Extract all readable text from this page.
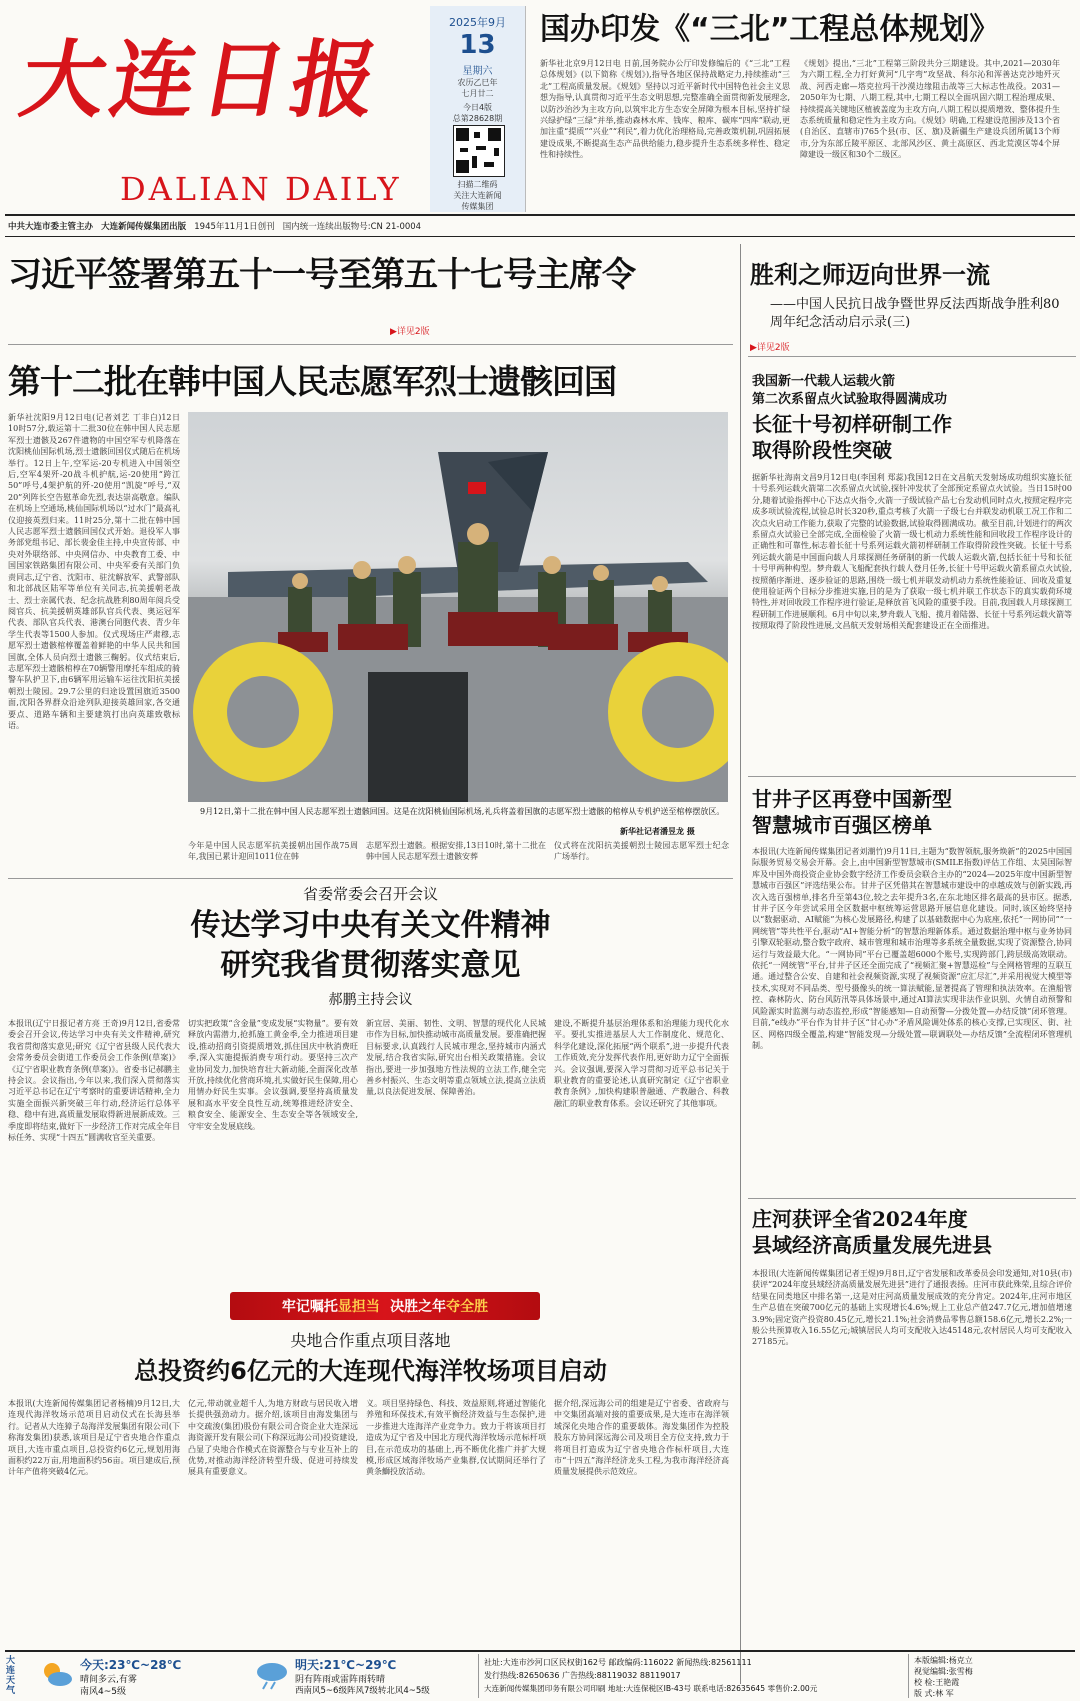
大连日报
DALIAN DAILY
2025年9月
13
星期六
农历乙巳年
七月廿二
今日4版
总第28628期
扫描二维码
关注大连新闻
传媒集团
国办印发《“三北”工程总体规划》
新华社北京9月12日电 日前,国务院办公厅印发修编后的《“三北”工程总体规划》(以下简称《规划》),指导各地区保持战略定力,持续推动“三北”工程高质量发展。《规划》坚持以习近平新时代中国特色社会主义思想为指导,认真贯彻习近平生态文明思想,完整准确全面贯彻新发展理念,以防沙治沙为主攻方向,以筑牢北方生态安全屏障为根本目标,坚持扩绿兴绿护绿“三绿”并举,推动森林水库、钱库、粮库、碳库“四库”联动,更加注重“提质”“兴业”“利民”,着力优化治理格局,完善政策机制,巩固拓展建设成果,不断提高生态产品供给能力,稳步提升生态系统多样性、稳定性和持续性。
《规划》提出,“三北”工程第三阶段共分三期建设。其中,2021—2030年为六期工程,全力打好黄河“几字弯”攻坚战、科尔沁和浑善达克沙地歼灭战、河西走廊—塔克拉玛干沙漠边缘阻击战等三大标志性战役。2031—2050年为七期、八期工程,其中,七期工程以全面巩固六期工程治理成果、持续提高关键地区植被盖度为主攻方向,八期工程以提质增效、整体提升生态系统质量和稳定性为主攻方向。《规划》明确,工程建设范围涉及13个省(自治区、直辖市)765个县(市、区、旗)及新疆生产建设兵团所属13个师市,分为东部丘陵平原区、北部风沙区、黄土高原区、西北荒漠区等4个屏障建设一级区和30个二级区。
中共大连市委主管主办 大连新闻传媒集团出版 1945年11月1日创刊 国内统一连续出版物号:CN 21-0004
习近平签署第五十一号至第五十七号主席令
▶详见2版
胜利之师迈向世界一流
——中国人民抗日战争暨世界反法西斯战争胜利80周年纪念活动启示录(三)
▶详见2版
第十二批在韩中国人民志愿军烈士遗骸回国
新华社沈阳9月12日电(记者刘艺 丁非白)12日10时57分,载运第十二批30位在韩中国人民志愿军烈士遗骸及267件遗物的中国空军专机降落在沈阳桃仙国际机场,烈士遗骸回国仪式随后在机场举行。12日上午,空军运-20专机进入中国领空后,空军4架歼-20战斗机护航,运-20使用“跨江50”呼号,4架护航的歼-20使用“凯旋”呼号,“双20”列阵长空告慰革命先烈,表达崇高敬意。编队在机场上空通场,桃仙国际机场以“过水门”最高礼仪迎接英烈归来。11时25分,第十二批在韩中国人民志愿军烈士遗骸回国仪式开始。退役军人事务部党组书记、部长裴金佳主持,中央宣传部、中央对外联络部、中央网信办、中央教育工委、中国国家铁路集团有限公司、中央军委有关部门负责同志,辽宁省、沈阳市、驻沈解放军、武警部队和北部战区陆军等单位有关同志,抗美援朝老战士、烈士亲属代表、纪念抗战胜利80周年阅兵受阅官兵、抗美援朝英雄部队官兵代表、奥运冠军代表、部队官兵代表、港澳台同胞代表、青少年学生代表等1500人参加。仪式现场庄严肃穆,志愿军烈士遗骸棺椁覆盖着鲜艳的中华人民共和国国旗,全体人员向烈士遗骸三鞠躬。仪式结束后,志愿军烈士遗骸棺椁在70辆警用摩托车组成的骑警车队护卫下,由6辆军用运输车运往沈阳抗美援朝烈士陵园。29.7公里的归途设置国旗近3500面,沈阳各界群众沿途列队迎接英雄回家,各交通要点、道路车辆和主要建筑打出向英雄致敬标语。
9月12日,第十二批在韩中国人民志愿军烈士遗骸回国。这是在沈阳桃仙国际机场,礼兵将盖着国旗的志愿军烈士遗骸的棺椁从专机护送至棺椁摆放区。
新华社记者潘昱龙 摄
今年是中国人民志愿军抗美援朝出国作战75周年,我国已累计迎回1011位在韩
志愿军烈士遗骸。根据安排,13日10时,第十二批在韩中国人民志愿军烈士遗骸安葬
仪式将在沈阳抗美援朝烈士陵园志愿军烈士纪念广场举行。
我国新一代载人运载火箭
第二次系留点火试验取得圆满成功
长征十号初样研制工作
取得阶段性突破
据新华社海南文昌9月12日电(李国利 郑蕊)我国12日在文昌航天发射场成功组织实施长征十号系列运载火箭第二次系留点火试验,探针冲发状了全部预定系留点火试验。当日15时00分,随着试验指挥中心下达点火指令,火箭一子级试验产品七台发动机同时点火,按照定程序完成多项试验流程,试验总时长320秒,重点考核了火箭一子级七台并联发动机联工况工作和二次点火启动工作能力,获取了完整的试验数据,试验取得圆满成功。截至目前,计划进行的两次系留点火试验已全部完成,全面检验了火箭一级七机动力系统性能和回收段工作程序设计的正确性和可靠性,标志着长征十号系列运载火箭初样研制工作取得阶段性突破。长征十号系列运载火箭是中国面向载人月球探测任务研制的新一代载人运载火箭,包括长征十号和长征十号甲两种构型。梦舟载人飞船配套执行载人登月任务,长征十号甲运载火箭系留点火试验,按照循序渐进、逐步验证的思路,围绕一级七机并联发动机动力系统性能验证、回收及重复使用验证两个目标分步推进实施,目的是为了获取一级七机并联工作状态下的真实载荷环境特性,并对回收段工作程序进行验证,是释放首飞风险的重要手段。目前,我国载人月球探测工程研制工作进展顺利。6月中旬以来,梦舟载人飞船、揽月着陆器、长征十号系列运载火箭等按照取得了阶段性进展,文昌航天发射场相关配套建设正在全面推进。
甘井子区再登中国新型
智慧城市百强区榜单
本报讯(大连新闻传媒集团记者刘潮竹)9月11日,主题为“数智领航,服务焕新”的2025中国国际服务贸易交易会开幕。会上,由中国新型智慧城市(SMILE指数)评估工作组、太昊国际智库及中国外商投资企业协会数字经济工作委员会联合主办的“2024—2025年度中国新型智慧城市百强区”评选结果公布。甘井子区凭借其在智慧城市建设中的卓越成效与创新实践,再次入选百强榜单,排名升至第43位,较之去年提升3名,在东北地区排名最高的县市区。据悉,甘井子区今年尝试采用全区数据中枢统筹运营思路开展信息化建设。同时,该区始终坚持以“数据驱动、AI赋能”为核心发展路径,构建了以基础数据中心为底座,依托“一网协同”“一网统管”等共性平台,驱动“AI+智能分析”的智慧治理新体系。通过数据治理中枢与业务协同引擎双轮驱动,整合数字政府、城市管理和城市治理等多系统全量数据,实现了资源整合,协同运行与效益最大化。“一网协同”平台已覆盖超6000个账号,实现跨部门,跨层级高效联动。依托“一网统管”平台,甘井子区还全面完成了“视频汇聚+智慧巡检”与全网格管理的互联互通。通过整合公安、自建和社会视频资源,实现了视频资源“应汇尽汇”,并采用视觉大模型等技术,实现对不同品类、型号摄像头的统一算法赋能,显著提高了管理和执法效率。在渔船管控、森林防火、防台风防汛等具体场景中,通过AI算法实现非法作业识别、火情自动预警和风险源实时监测与动态监控,形成“智能感知—自动预警—分拨处置—办结反馈”闭环管理。目前,“e线办”平台作为甘井子区“甘心办”矛盾风险调处体系的核心支撑,已实现区、街、社区、网格四级全覆盖,构建“智能发现—分级处置—联调联处—办结反馈”全流程闭环管理机制。
庄河获评全省2024年度
县域经济高质量发展先进县
本报讯(大连新闻传媒集团记者王煜)9月8日,辽宁省发展和改革委员会印发通知,对10县(市)获评“2024年度县域经济高质量发展先进县”进行了通报表扬。庄河市获此殊荣,且综合评价结果在同类地区中排名第一,这是对庄河高质量发展成效的充分肯定。2024年,庄河市地区生产总值在突破700亿元的基础上实现增长4.6%;规上工业总产值247.7亿元,增加值增速3.9%;固定资产投资80.45亿元,增长21.1%;社会消费品零售总额158.6亿元,增长2.2%;一般公共预算收入16.55亿元;城镇居民人均可支配收入达45148元,农村居民人均可支配收入27185元。
省委常委会召开会议
传达学习中央有关文件精神
研究我省贯彻落实意见
郝鹏主持会议
本报讯(辽宁日报记者方亮 王奇)9月12日,省委常委会召开会议,传达学习中央有关文件精神,研究我省贯彻落实意见;研究《辽宁省县级人民代表大会常务委员会街道工作委员会工作条例(草案)》《辽宁省职业教育条例(草案)》。省委书记郝鹏主持会议。会议指出,今年以来,我们深入贯彻落实习近平总书记在辽宁考察时的重要讲话精神,全力实施全面振兴新突破三年行动,经济运行总体平稳、稳中有进,高质量发展取得新进展新成效。三季度即将结束,做好下一步经济工作对完成全年目标任务、实现“十四五”圆满收官至关重要。
切实把政策“含金量”变成发展“实物量”。要有效释放内需潜力,抢抓施工黄金季,全力推进项目建设,推动招商引资提质增效,抓住国庆中秋消费旺季,深入实施提振消费专项行动。要坚持三次产业协同发力,加快培育壮大新动能,全面深化改革开放,持续优化营商环境,扎实做好民生保障,用心用情办好民生实事。会议强调,要坚持高质量发展和高水平安全良性互动,统筹推进经济安全、粮食安全、能源安全、生态安全等各领域安全,守牢安全发展底线。
新宜居、美丽、韧性、文明、智慧的现代化人民城市作为目标,加快推动城市高质量发展。要准确把握目标要求,认真践行人民城市理念,坚持城市内涵式发展,结合我省实际,研究出台相关政策措施。会议指出,要进一步加强地方性法规的立法工作,健全完善乡村振兴、生态文明等重点领域立法,提高立法质量,以良法促进发展、保障善治。
建设,不断提升基层治理体系和治理能力现代化水平。要扎实推进基层人大工作制度化、规范化、科学化建设,深化拓展“两个联系”,进一步提升代表工作质效,充分发挥代表作用,更好助力辽宁全面振兴。会议强调,要深入学习贯彻习近平总书记关于职业教育的重要论述,认真研究制定《辽宁省职业教育条例》,加快构建职普融通、产教融合、科教融汇的职业教育体系。会议还研究了其他事项。
牢记嘱托显担当 决胜之年夺全胜
央地合作重点项目落地
总投资约6亿元的大连现代海洋牧场项目启动
本报讯(大连新闻传媒集团记者杨楠)9月12日,大连现代海洋牧场示范项目启动仪式在长海县举行。记者从大连獐子岛海洋发展集团有限公司(下称海发集团)获悉,该项目是辽宁省央地合作重点项目,大连市重点项目,总投资约6亿元,规划用海面积约22万亩,用地面积约56亩。项目建成后,预计年产值将突破4亿元。
亿元,带动就业超千人,为地方财政与居民收入增长提供强劲动力。据介绍,该项目由海发集团与中交疏浚(集团)股份有限公司合资企业大连深远海资源开发有限公司(下称深远海公司)投资建设,凸显了央地合作模式在资源整合与专业互补上的优势,对推动海洋经济转型升级、促进可持续发展具有重要意义。
义。项目坚持绿色、科技、效益原则,将通过智能化养殖和环保技术,有效平衡经济效益与生态保护,进一步推进大连海洋产业竞争力。致力于将该项目打造成为辽宁省及中国北方现代海洋牧场示范标杆项目,在示范成功的基础上,再不断优化推广并扩大规模,形成区域海洋牧场产业集群,仅试期间还举行了黄条鰤投放活动。
据介绍,深远海公司的组建是辽宁省委、省政府与中交集团高端对接的重要成果,是大连市在海洋领域深化央地合作的重要载体。海发集团作为控股股东方协同深远海公司及项目全方位支持,致力于将项目打造成为辽宁省央地合作标杆项目,大连市“十四五”海洋经济龙头工程,为我市海洋经济高质量发展提供示范效应。
大连天气
今天:23℃~28℃
晴间多云,有雾
南风4~5级
明天:21℃~29℃
阴有阵雨或雷阵雨转晴
西南风5~6级阵风7级转北风4~5级
社址:大连市沙河口区民权街162号 邮政编码:116022 新闻热线:82561111
发行热线:82650636 广告热线:88119032 88119017
大连新闻传媒集团印务有限公司印刷 地址:大连保税区IB-43号 联系电话:82635645 零售价:2.00元
本版编辑:杨克立
视觉编辑:张雪梅
校 检:王艳霞
版 式:林 军
